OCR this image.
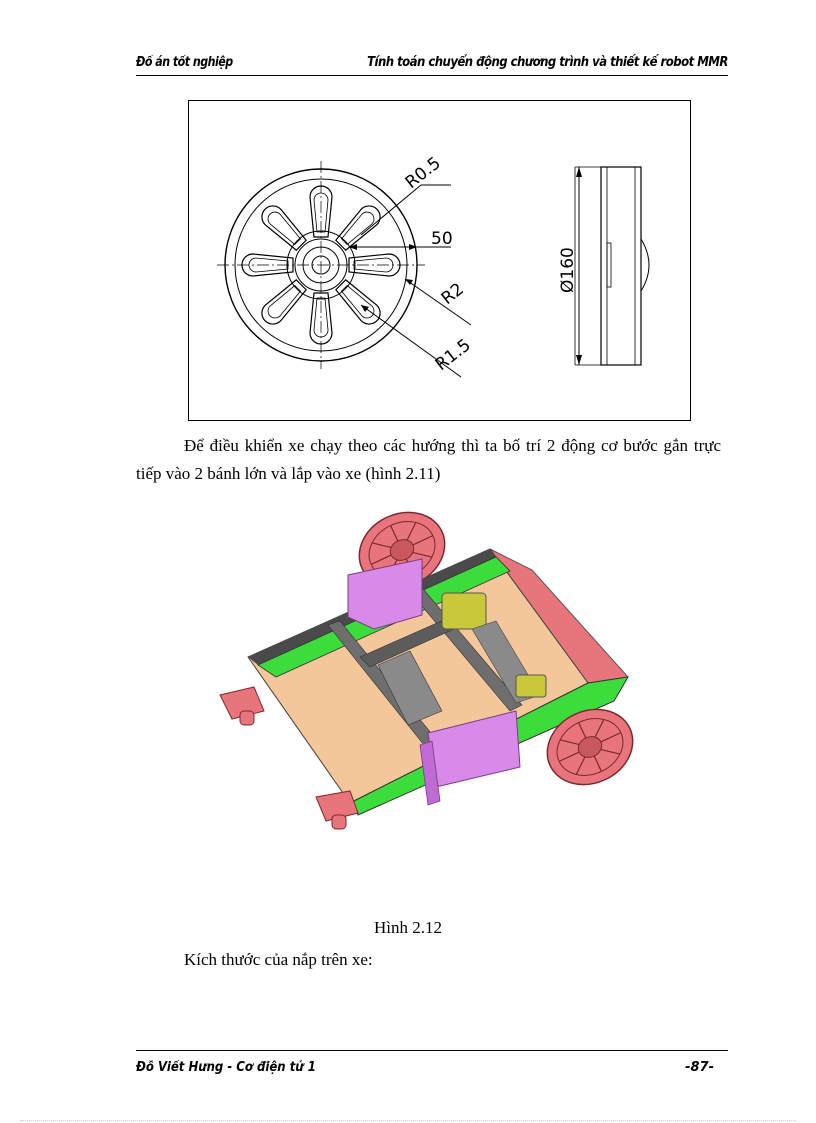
Đồ án tốt nghiệp	Tính toán chuyển động chương trình và thiết kế robot MMR
R0.5
50
R2
R1.5
Ø160
Để điều khiển xe chạy theo các hướng thì ta bố trí 2 động cơ bước gắn trực tiếp vào 2 bánh lớn và lắp vào xe (hình 2.11)
Hình 2.12
Kích thước của nắp trên xe:
Đỗ Viết Hưng - Cơ điện tử 1	-87-
